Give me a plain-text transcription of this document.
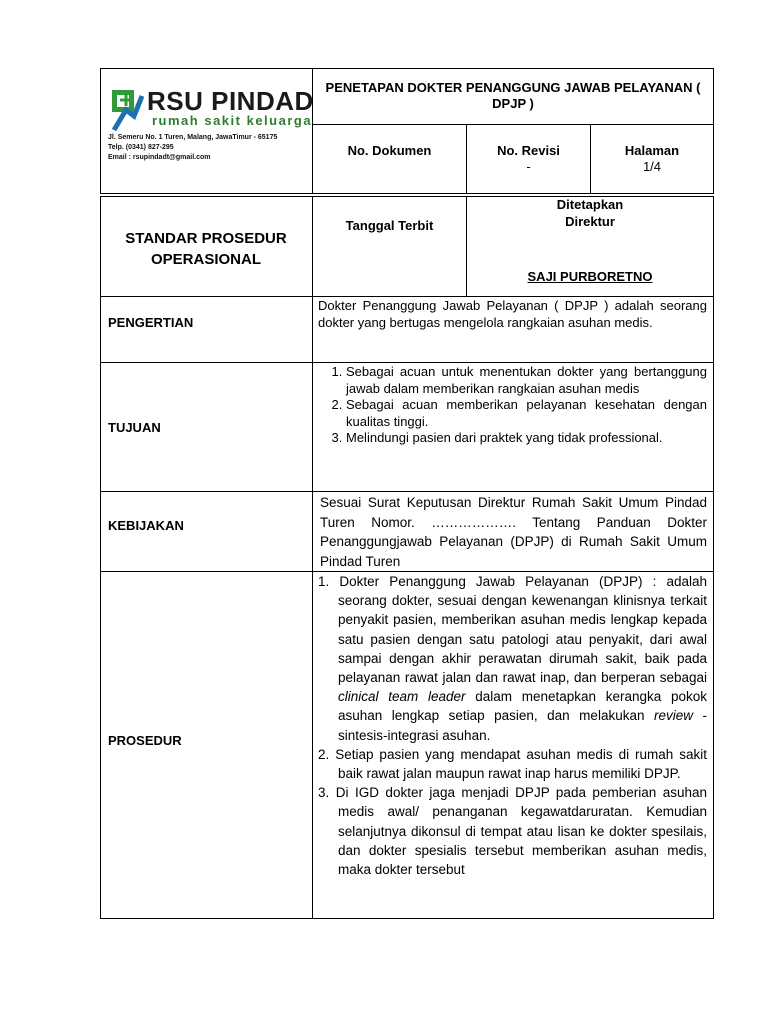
RSU PINDAD
rumah sakit keluarga
Jl. Semeru No. 1 Turen, Malang, JawaTimur - 65175
Telp. (0341) 827-295
Email : rsupindadt@gmail.com
PENETAPAN DOKTER PENANGGUNG JAWAB PELAYANAN ( DPJP )
No. Dokumen	No. Revisi
-
Halaman
1/4
STANDAR PROSEDUR OPERASIONAL
Tanggal Terbit
Ditetapkan
Direktur
SAJI PURBORETNO
PENGERTIAN
Dokter Penanggung Jawab Pelayanan ( DPJP ) adalah seorang dokter yang bertugas mengelola rangkaian asuhan medis.
TUJUAN
1. Sebagai acuan untuk menentukan dokter yang bertanggung jawab dalam memberikan rangkaian asuhan medis
2. Sebagai acuan memberikan pelayanan kesehatan dengan kualitas tinggi.
3. Melindungi pasien dari praktek yang tidak professional.
KEBIJAKAN
Sesuai Surat Keputusan Direktur Rumah Sakit Umum Pindad Turen Nomor. ………………. Tentang Panduan Dokter Penanggungjawab Pelayanan (DPJP) di Rumah Sakit Umum Pindad Turen
PROSEDUR
1. Dokter Penanggung Jawab Pelayanan (DPJP) : adalah seorang dokter, sesuai dengan kewenangan klinisnya terkait penyakit pasien, memberikan asuhan medis lengkap kepada satu pasien dengan satu patologi atau penyakit, dari awal sampai dengan akhir perawatan dirumah sakit, baik pada pelayanan rawat jalan dan rawat inap, dan berperan sebagai clinical team leader dalam menetapkan kerangka pokok asuhan lengkap setiap pasien, dan melakukan review -sintesis-integrasi asuhan.
2. Setiap pasien yang mendapat asuhan medis di rumah sakit baik rawat jalan maupun rawat inap harus memiliki DPJP.
3. Di IGD dokter jaga menjadi DPJP pada pemberian asuhan medis awal/ penanganan kegawatdaruratan. Kemudian selanjutnya dikonsul di tempat atau lisan ke dokter spesilais, dan dokter spesialis tersebut memberikan asuhan medis, maka dokter tersebut
